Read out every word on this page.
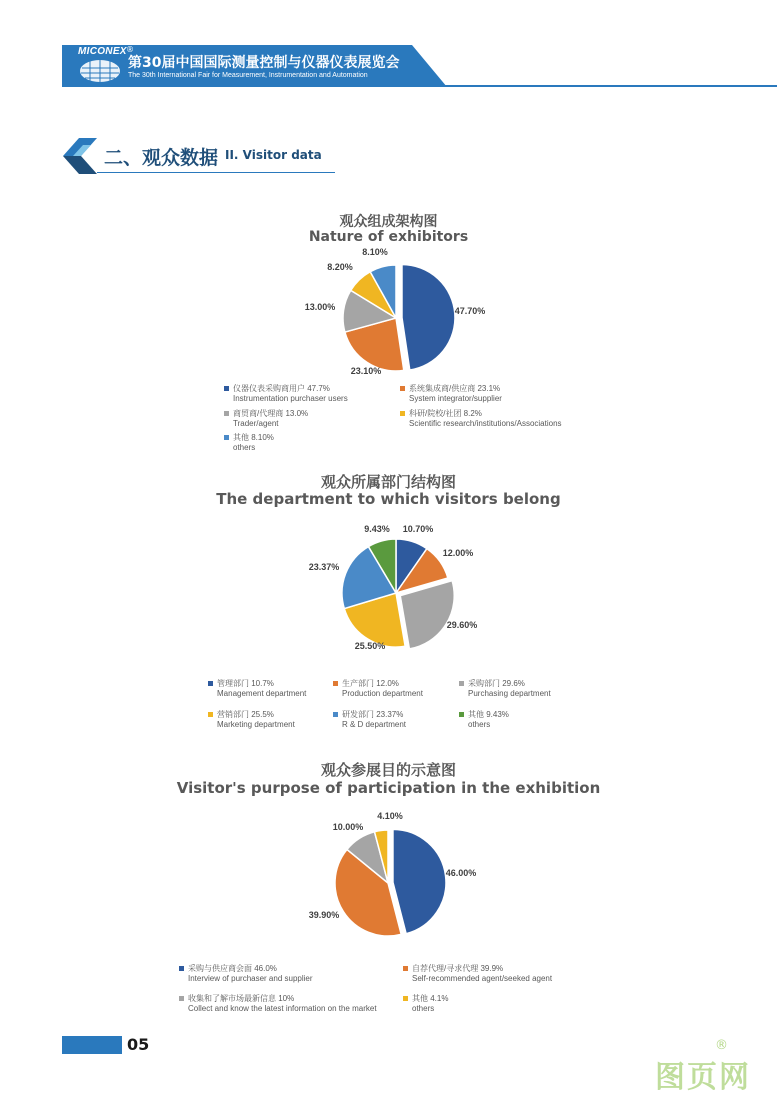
MICONEX ®
第30届中国国际测量控制与仪器仪表展览会
The 30th International Fair for Measurement, Instrumentation and Automation
二、观众数据 II. Visitor data
观众组成架构图
Nature of exhibitors
观众所属部门结构图
The department to which visitors belong
观众参展目的示意图
Visitor's purpose of participation in the exhibition
47.70%
23.10%
13.00%
8.20%
8.10%
10.70%
12.00%
29.60%
25.50%
23.37%
9.43%
46.00%
39.90%
10.00%
4.10%
仪器仪表采购商用户 47.7%
Instrumentation purchaser users
系统集成商/供应商 23.1%
System integrator/supplier
商贸商/代理商 13.0%
Trader/agent
科研/院校/社团 8.2%
Scientific research/institutions/Associations
其他 8.10%
others
管理部门 10.7%
Management department
生产部门 12.0%
Production department
采购部门 29.6%
Purchasing department
营销部门 25.5%
Marketing department
研发部门 23.37%
R & D department
其他 9.43%
others
采购与供应商会面 46.0%
Interview of purchaser and supplier
自荐代理/寻求代理 39.9%
Self-recommended agent/seeked agent
收集和了解市场最新信息 10%
Collect and know the latest information on the market
其他 4.1%
others
05
图页网
®
